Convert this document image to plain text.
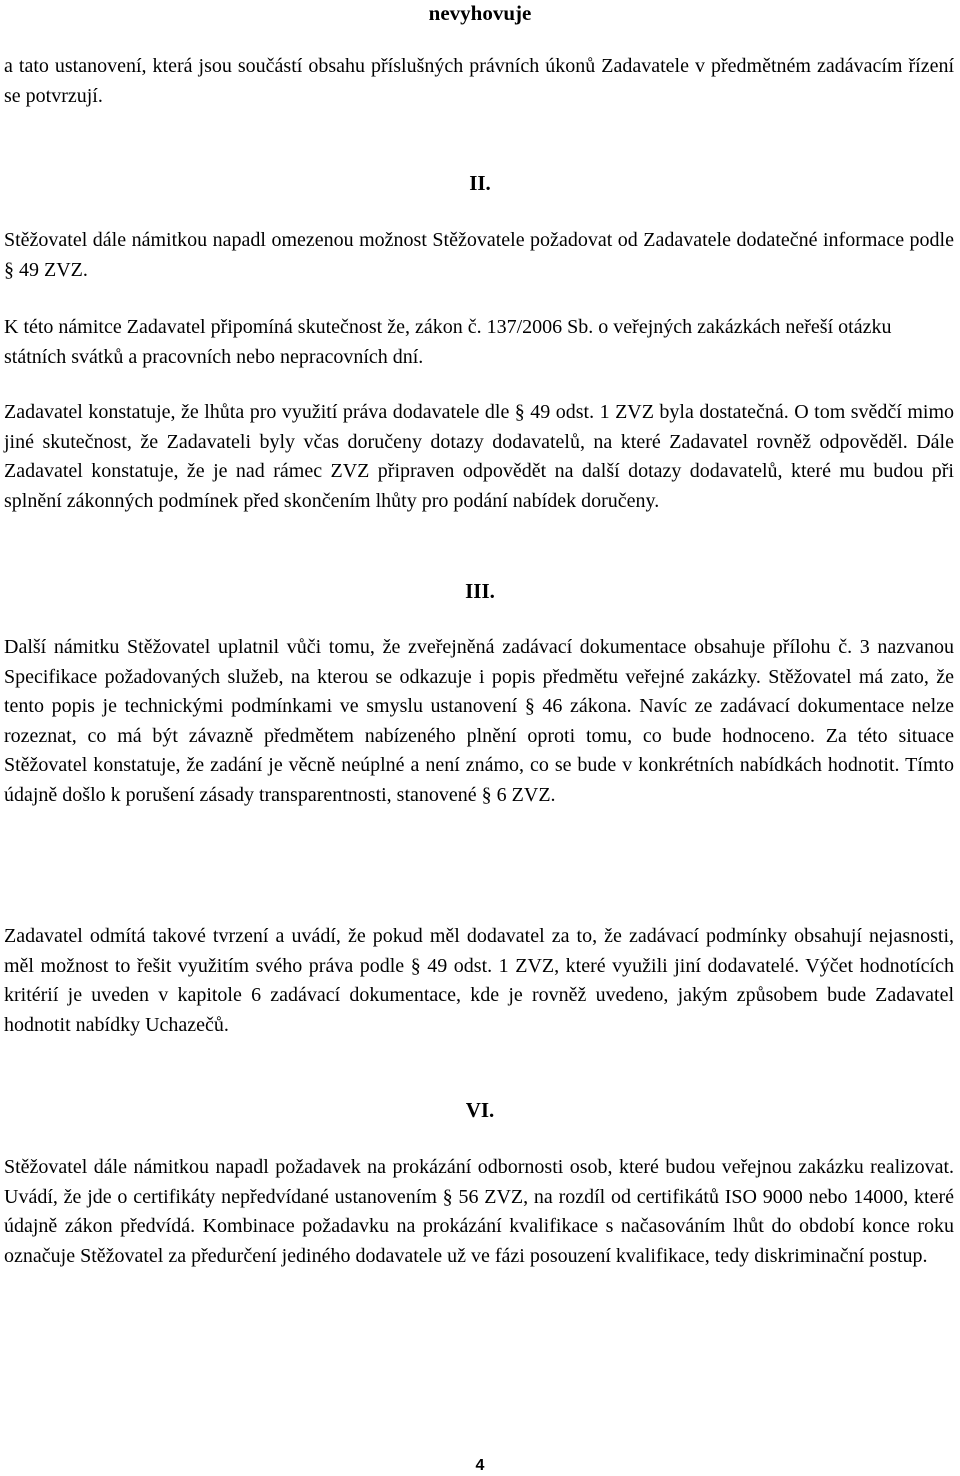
nevyhovuje

a tato ustanovení, která jsou součástí obsahu příslušných právních úkonů Zadavatele v předmětném zadávacím řízení se potvrzují.

II.

Stěžovatel dále námitkou napadl omezenou možnost Stěžovatele požadovat od Zadavatele dodatečné informace podle § 49 ZVZ.

K této námitce Zadavatel připomíná skutečnost že, zákon č. 137/2006 Sb. o veřejných zakázkách neřeší otázku státních svátků a pracovních nebo nepracovních dní.

Zadavatel konstatuje, že lhůta pro využití práva dodavatele dle § 49 odst. 1 ZVZ byla dostatečná. O tom svědčí mimo jiné skutečnost, že Zadavateli byly včas doručeny dotazy dodavatelů, na které Zadavatel rovněž odpověděl. Dále Zadavatel konstatuje, že je nad rámec ZVZ připraven odpovědět na další dotazy dodavatelů, které mu budou při splnění zákonných podmínek před skončením lhůty pro podání nabídek doručeny.

III.

Další námitku Stěžovatel uplatnil vůči tomu, že zveřejněná zadávací dokumentace obsahuje přílohu č. 3 nazvanou Specifikace požadovaných služeb, na kterou se odkazuje i popis předmětu veřejné zakázky. Stěžovatel má zato, že tento popis je technickými podmínkami ve smyslu ustanovení § 46 zákona. Navíc ze zadávací dokumentace nelze rozeznat, co má být závazně předmětem nabízeného plnění oproti tomu, co bude hodnoceno. Za této situace Stěžovatel konstatuje, že zadání je věcně neúplné a není známo, co se bude v konkrétních nabídkách hodnotit. Tímto údajně došlo k porušení zásady transparentnosti, stanovené § 6 ZVZ.

Zadavatel odmítá takové tvrzení a uvádí, že pokud měl dodavatel za to, že zadávací podmínky obsahují nejasnosti, měl možnost to řešit využitím svého práva podle § 49 odst. 1 ZVZ, které využili jiní dodavatelé. Výčet hodnotících kritérií je uveden v kapitole 6 zadávací dokumentace, kde je rovněž uvedeno, jakým způsobem bude Zadavatel hodnotit nabídky Uchazečů.

VI.

Stěžovatel dále námitkou napadl požadavek na prokázání odbornosti osob, které budou veřejnou zakázku realizovat. Uvádí, že jde o certifikáty nepředvídané ustanovením § 56 ZVZ, na rozdíl od certifikátů ISO 9000 nebo 14000, které údajně zákon předvídá. Kombinace požadavku na prokázání kvalifikace s načasováním lhůt do období konce roku označuje Stěžovatel za předurčení jediného dodavatele už ve fázi posouzení kvalifikace, tedy diskriminační postup.

4
